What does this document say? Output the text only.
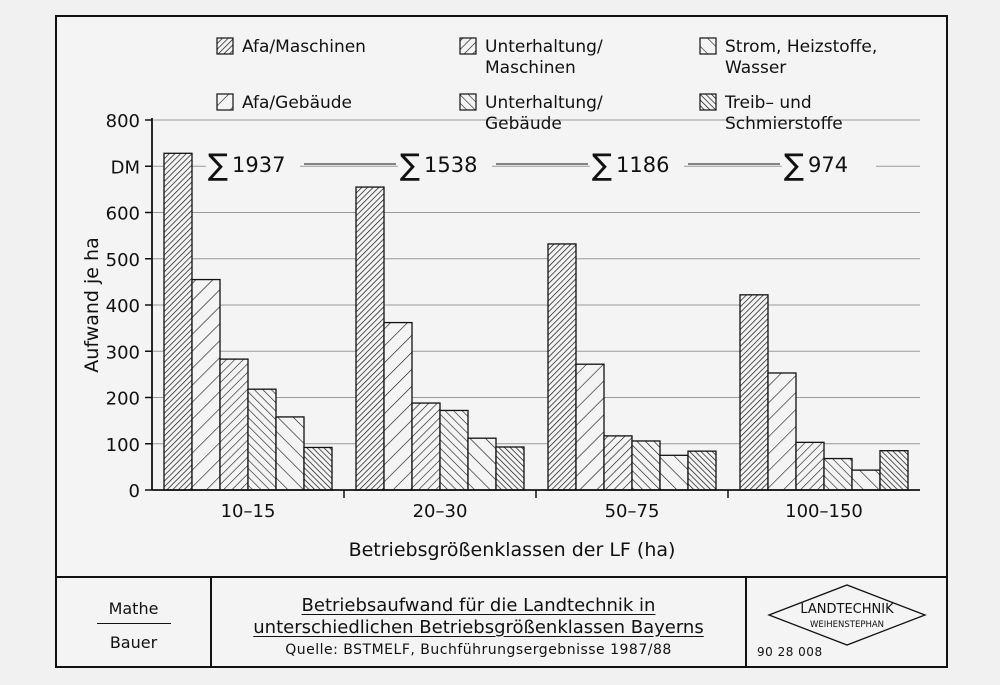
∑ 1937	∑ 1538	∑ 1186	∑ 974
0
100
200
300
400
500
600
800
DM
10–15	20–30	50–75	100–150
Afa/Maschinen
Afa/Gebäude
Unterhaltung/
Maschinen
Unterhaltung/
Gebäude
Strom, Heizstoffe,
Wasser
Treib– und
Schmierstoffe
Aufwand je ha
Betriebsgrößenklassen der LF (ha)
Mathe
Bauer
Betriebsaufwand für die Landtechnik in
unterschiedlichen Betriebsgrößenklassen Bayerns
Quelle: BSTMELF, Buchführungsergebnisse 1987/88
LANDTECHNIK
WEIHENSTEPHAN
90 28 008
